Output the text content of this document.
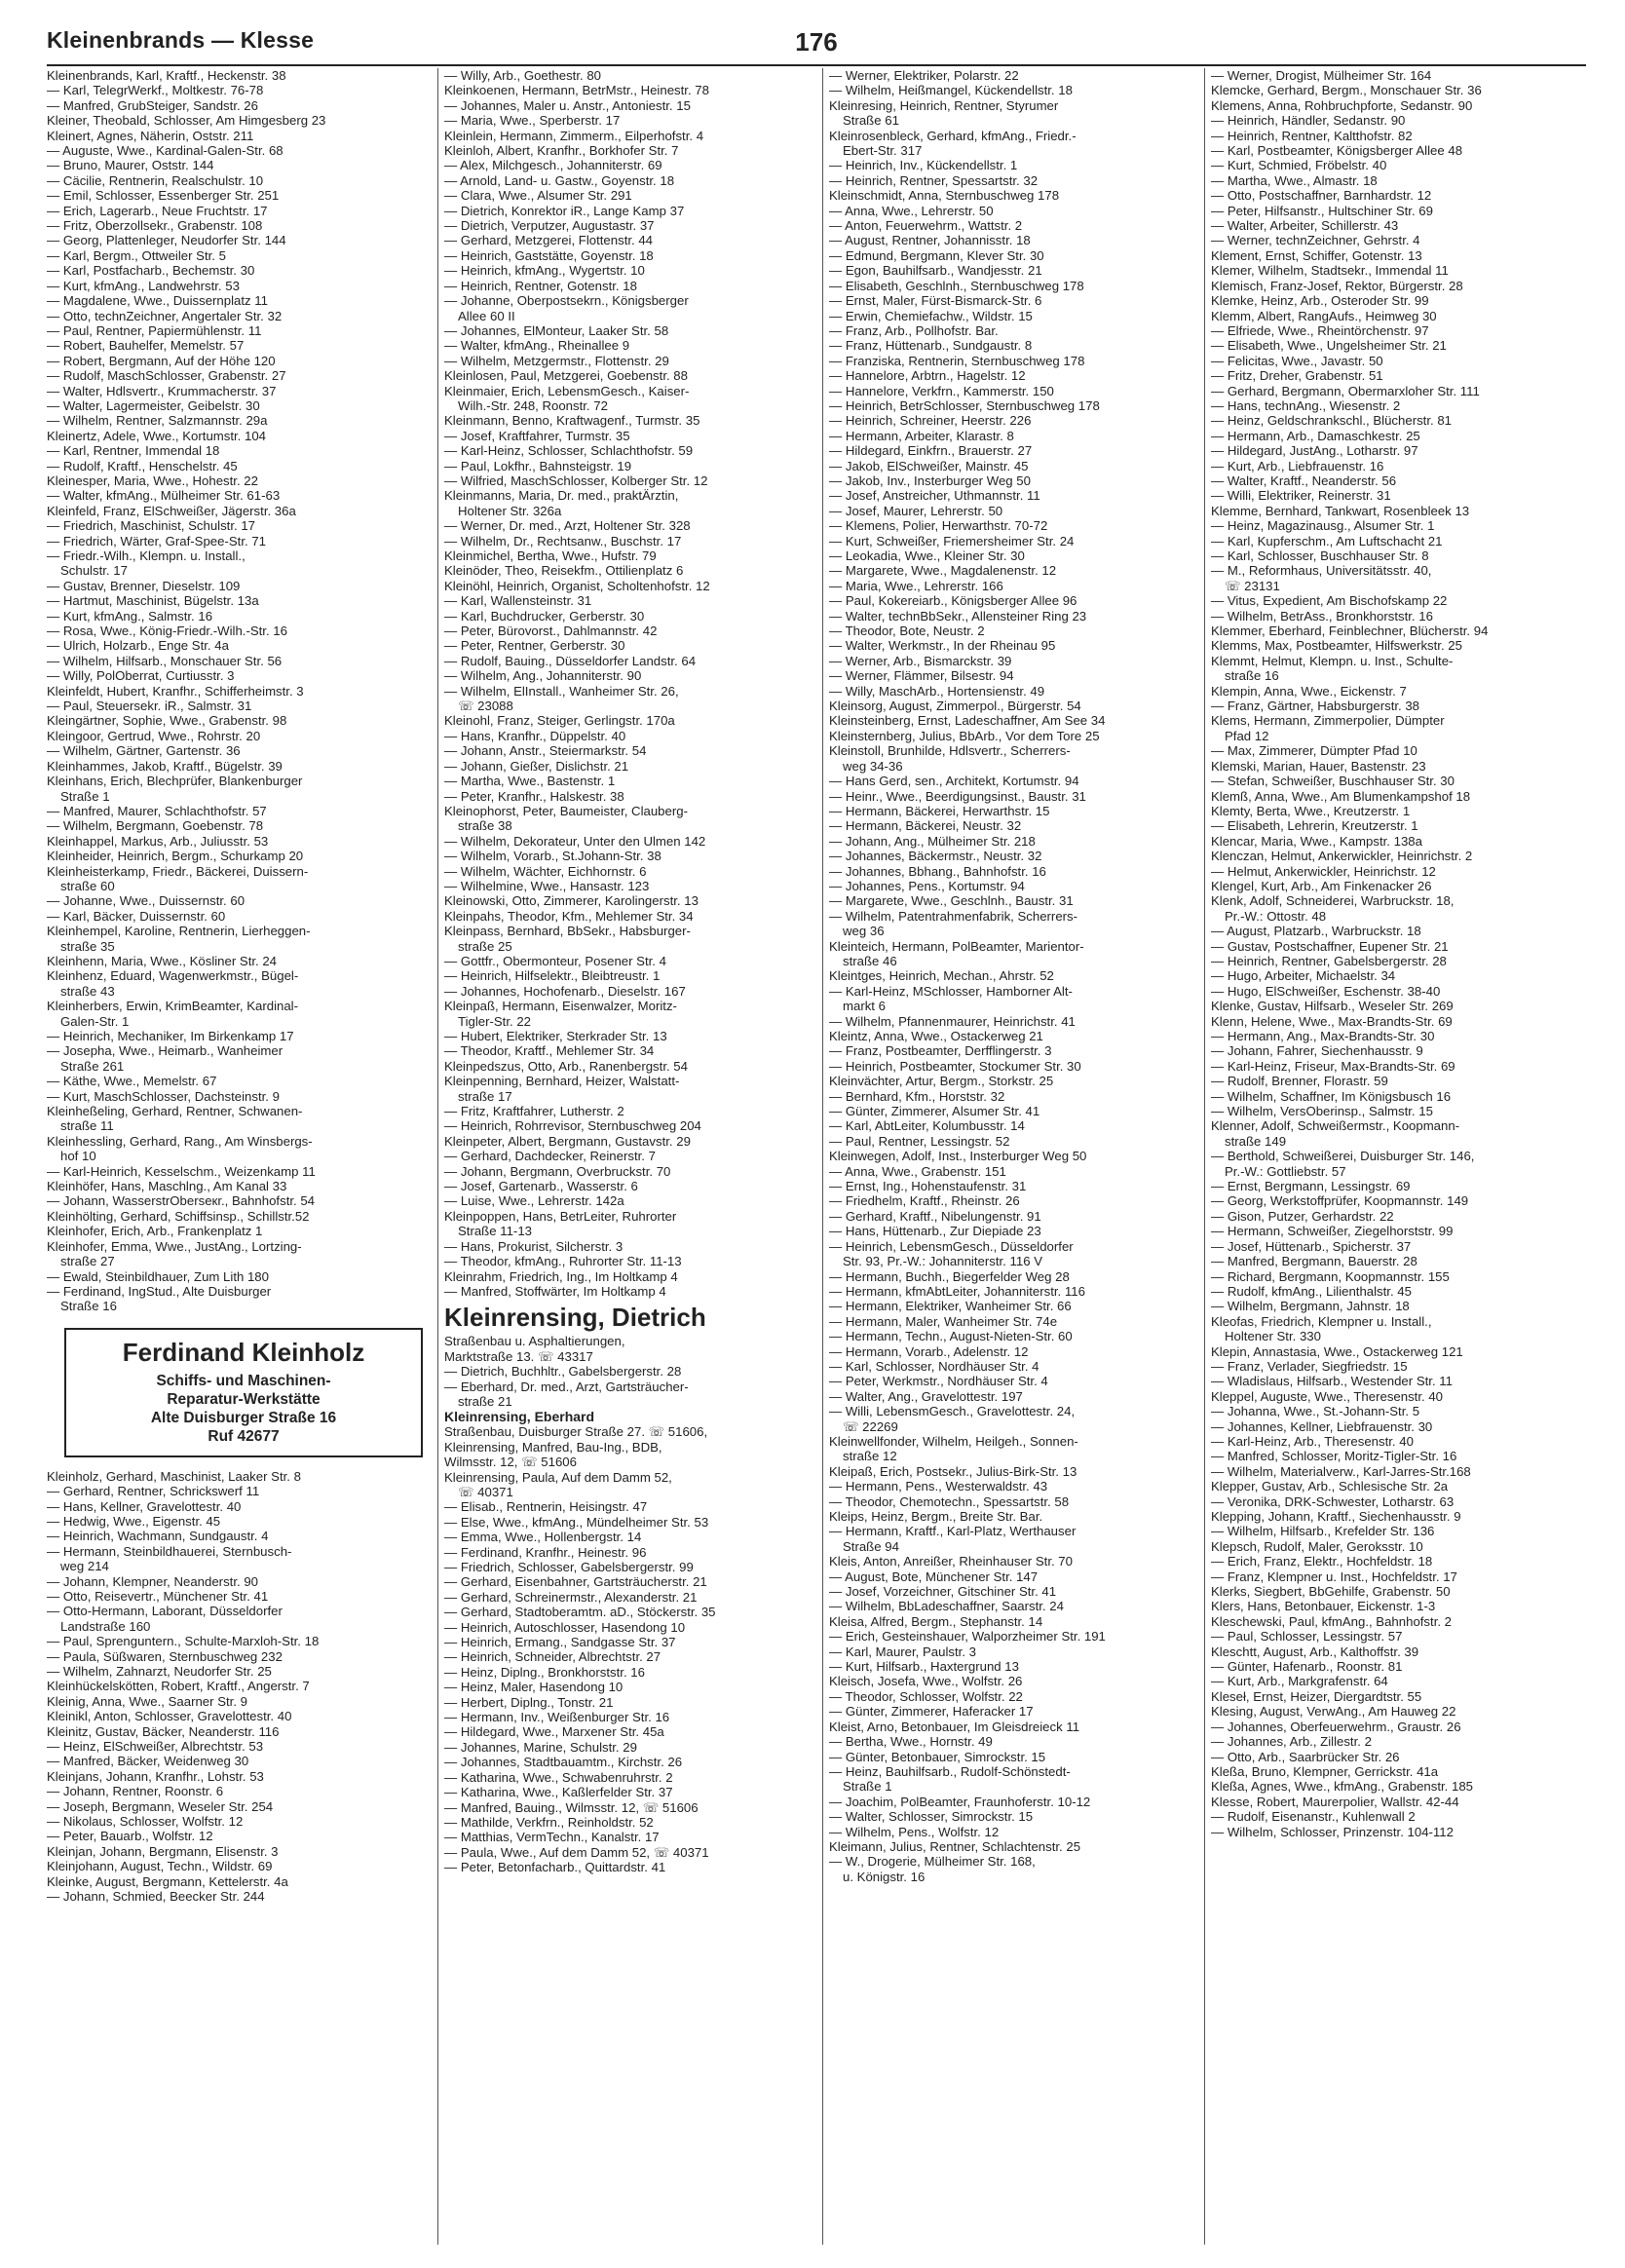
Kleinenbrands — Klesse	176
Kleinenbrands, Karl, Kraftf., Heckenstr. 38
— Karl, TelegrWerkf., Moltkestr. 76-78
— Manfred, GrubSteiger, Sandstr. 26
Kleiner, Theobald, Schlosser, Am Himgesberg 23
Kleinert, Agnes, Näherin, Oststr. 211
— Auguste, Wwe., Kardinal-Galen-Str. 68
— Bruno, Maurer, Oststr. 144
— Cäcilie, Rentnerin, Realschulstr. 10
— Emil, Schlosser, Essenberger Str. 251
— Erich, Lagerarb., Neue Fruchtstr. 17
— Fritz, Oberzollsekr., Grabenstr. 108
— Georg, Plattenleger, Neudorfer Str. 144
— Karl, Bergm., Ottweiler Str. 5
— Karl, Postfacharb., Bechemstr. 30
— Kurt, kfmAng., Landwehrstr. 53
— Magdalene, Wwe., Duissernplatz 11
— Otto, technZeichner, Angertaler Str. 32
— Paul, Rentner, Papiermühlenstr. 11
— Robert, Bauhelfer, Memelstr. 57
— Robert, Bergmann, Auf der Höhe 120
— Rudolf, MaschSchlosser, Grabenstr. 27
— Walter, Hdlsvertr., Krummacherstr. 37
— Walter, Lagermeister, Geibelstr. 30
— Wilhelm, Rentner, Salzmannstr. 29a
Kleinertz, Adele, Wwe., Kortumstr. 104
— Karl, Rentner, Immendal 18
— Rudolf, Kraftf., Henschelstr. 45
Kleinesper, Maria, Wwe., Hohestr. 22
— Walter, kfmAng., Mülheimer Str. 61-63
Kleinfeld, Franz, ElSchweißer, Jägerstr. 36a
— Friedrich, Maschinist, Schulstr. 17
— Friedrich, Wärter, Graf-Spee-Str. 71
— Friedr.-Wilh., Klempn. u. Install.,
Schulstr. 17
— Gustav, Brenner, Dieselstr. 109
— Hartmut, Maschinist, Bügelstr. 13a
— Kurt, kfmAng., Salmstr. 16
— Rosa, Wwe., König-Friedr.-Wilh.-Str. 16
— Ulrich, Holzarb., Enge Str. 4a
— Wilhelm, Hilfsarb., Monschauer Str. 56
— Willy, PolOberrat, Curtiusstr. 3
Kleinfeldt, Hubert, Kranfhr., Schifferheimstr. 3
— Paul, Steuersekr. iR., Salmstr. 31
Kleingärtner, Sophie, Wwe., Grabenstr. 98
Kleingoor, Gertrud, Wwe., Rohrstr. 20
— Wilhelm, Gärtner, Gartenstr. 36
Kleinhammes, Jakob, Kraftf., Bügelstr. 39
Kleinhans, Erich, Blechprüfer, Blankenburger
Straße 1
— Manfred, Maurer, Schlachthofstr. 57
— Wilhelm, Bergmann, Goebenstr. 78
Kleinhappel, Markus, Arb., Juliusstr. 53
Kleinheider, Heinrich, Bergm., Schurkamp 20
Kleinheisterkamp, Friedr., Bäckerei, Duissern-
straße 60
— Johanne, Wwe., Duissernstr. 60
— Karl, Bäcker, Duissernstr. 60
Kleinhempel, Karoline, Rentnerin, Lierheggen-
straße 35
Kleinhenn, Maria, Wwe., Kösliner Str. 24
Kleinhenz, Eduard, Wagenwerkmstr., Bügel-
straße 43
Kleinherbers, Erwin, KrimBeamter, Kardinal-
Galen-Str. 1
— Heinrich, Mechaniker, Im Birkenkamp 17
— Josepha, Wwe., Heimarb., Wanheimer
Straße 261
— Käthe, Wwe., Memelstr. 67
— Kurt, MaschSchlosser, Dachsteinstr. 9
Kleinheßeling, Gerhard, Rentner, Schwanen-
straße 11
Kleinhessling, Gerhard, Rang., Am Winsbergs-
hof 10
— Karl-Heinrich, Kesselschm., Weizenkamp 11
Kleinhöfer, Hans, Maschlng., Am Kanal 33
— Johann, WasserstrOberseкr., Bahnhofstr. 54
Kleinhölting, Gerhard, Schiffsinsp., Schillstr.52
Kleinhofer, Erich, Arb., Frankenplatz 1
Kleinhofer, Emma, Wwe., JustAng., Lortzing-
straße 27
— Ewald, Steinbildhauer, Zum Lith 180
— Ferdinand, IngStud., Alte Duisburger
Straße 16
Ferdinand Kleinholz
Schiffs- und Maschinen-
Reparatur-Werkstätte
Alte Duisburger Straße 16
Ruf 42677
Kleinholz, Gerhard, Maschinist, Laaker Str. 8
— Gerhard, Rentner, Schrickswerf 11
— Hans, Kellner, Gravelottestr. 40
— Hedwig, Wwe., Eigenstr. 45
— Heinrich, Wachmann, Sundgaustr. 4
— Hermann, Steinbildhauerei, Sternbusch-
weg 214
— Johann, Klempner, Neanderstr. 90
— Otto, Reisevertr., Münchener Str. 41
— Otto-Hermann, Laborant, Düsseldorfer
Landstraße 160
— Paul, Sprenguntern., Schulte-Marxloh-Str. 18
— Paula, Süßwaren, Sternbuschweg 232
— Wilhelm, Zahnarzt, Neudorfer Str. 25
Kleinhückelsköttеn, Robert, Kraftf., Angerstr. 7
Kleinig, Anna, Wwe., Saarner Str. 9
Kleinikl, Anton, Schlosser, Gravelottestr. 40
Kleinitz, Gustav, Bäcker, Neanderstr. 116
— Heinz, ElSchweißer, Albrechtstr. 53
— Manfred, Bäcker, Weidenweg 30
Kleinjans, Johann, Kranfhr., Lohstr. 53
— Johann, Rentner, Roonstr. 6
— Joseph, Bergmann, Weseler Str. 254
— Nikolaus, Schlosser, Wolfstr. 12
— Peter, Bauarb., Wolfstr. 12
Kleinjan, Johann, Bergmann, Elisenstr. 3
Kleinjohann, August, Techn., Wildstr. 69
Kleinke, August, Bergmann, Kettelerstr. 4a
— Johann, Schmied, Beecker Str. 244
— Willy, Arb., Goethestr. 80
Kleinkoenen, Hermann, BetrMstr., Heinestr. 78
— Johannes, Maler u. Anstr., Antoniestr. 15
— Maria, Wwe., Sperberstr. 17
Kleinlein, Hermann, Zimmerm., Eilperhofstr. 4
Kleinloh, Albert, Kranfhr., Borkhofer Str. 7
— Alex, Milchgesch., Johanniterstr. 69
— Arnold, Land- u. Gastw., Goyenstr. 18
— Clara, Wwe., Alsumer Str. 291
— Dietrich, Konrektor iR., Lange Kamp 37
— Dietrich, Verputzer, Augustastr. 37
— Gerhard, Metzgerei, Flottenstr. 44
— Heinrich, Gaststätte, Goyenstr. 18
— Heinrich, kfmAng., Wygertstr. 10
— Heinrich, Rentner, Gotenstr. 18
— Johanne, Oberpostsekrn., Königsberger
Allee 60 II
— Johannes, ElMonteur, Laaker Str. 58
— Walter, kfmAng., Rheinallee 9
— Wilhelm, Metzgermstr., Flottenstr. 29
Kleinlosen, Paul, Metzgerei, Goebenstr. 88
Kleinmaier, Erich, LebensmGesch., Kaiser-
Wilh.-Str. 248, Roonstr. 72
Kleinmann, Benno, Kraftwagenf., Turmstr. 35
— Josef, Kraftfahrer, Turmstr. 35
— Karl-Heinz, Schlosser, Schlachthofstr. 59
— Paul, Lokfhr., Bahnsteigstr. 19
— Wilfried, MaschSchlosser, Kolberger Str. 12
Kleinmanns, Maria, Dr. med., praktÄrztin,
Holtener Str. 326a
— Werner, Dr. med., Arzt, Holtener Str. 328
— Wilhelm, Dr., Rechtsanw., Buschstr. 17
Kleinmichel, Bertha, Wwe., Hufstr. 79
Kleinöder, Theo, Reisekfm., Ottilienplatz 6
Kleinöhl, Heinrich, Organist, Scholtenhofstr. 12
— Karl, Wallensteinstr. 31
— Karl, Buchdrucker, Gerberstr. 30
— Peter, Bürovorst., Dahlmannstr. 42
— Peter, Rentner, Gerberstr. 30
— Rudolf, Bauing., Düsseldorfer Landstr. 64
— Wilhelm, Ang., Johanniterstr. 90
— Wilhelm, ElInstall., Wanheimer Str. 26,
☏ 23088
Kleinohl, Franz, Steiger, Gerlingstr. 170a
— Hans, Kranfhr., Düppelstr. 40
— Johann, Anstr., Steiermarkstr. 54
— Johann, Gießer, Dislichstr. 21
— Martha, Wwe., Bastenstr. 1
— Peter, Kranfhr., Halskestr. 38
Kleinophorst, Peter, Baumeister, Clauberg-
straße 38
— Wilhelm, Dekorateur, Unter den Ulmen 142
— Wilhelm, Vorarb., St.Johann-Str. 38
— Wilhelm, Wächter, Eichhornstr. 6
— Wilhelmine, Wwe., Hansastr. 123
Kleinowski, Otto, Zimmerer, Karolingerstr. 13
Kleinpahs, Theodor, Kfm., Mehlemer Str. 34
Kleinpass, Bernhard, BbSekr., Habsburger-
straße 25
— Gottfr., Obermonteur, Posener Str. 4
— Heinrich, Hilfselektr., Bleibtreustr. 1
— Johannes, Hochofenarb., Dieselstr. 167
Kleinpaß, Hermann, Eisenwalzer, Moritz-
Tigler-Str. 22
— Hubert, Elektriker, Sterkrader Str. 13
— Theodor, Kraftf., Mehlemer Str. 34
Kleinpedszus, Otto, Arb., Ranenbergstr. 54
Kleinpenning, Bernhard, Heizer, Walstatt-
straße 17
— Fritz, Kraftfahrer, Lutherstr. 2
— Heinrich, Rohrrevisor, Sternbuschweg 204
Kleinpeter, Albert, Bergmann, Gustavstr. 29
— Gerhard, Dachdecker, Reinerstr. 7
— Johann, Bergmann, Overbruckstr. 70
— Josef, Gartenarb., Wasserstr. 6
— Luise, Wwe., Lehrerstr. 142a
Kleinpoppen, Hans, BetrLeiter, Ruhrorter
Straße 11-13
— Hans, Prokurist, Silcherstr. 3
— Theodor, kfmAng., Ruhrorter Str. 11-13
Kleinrahm, Friedrich, Ing., Im Holtkamp 4
— Manfred, Stoffwärter, Im Holtkamp 4
Kleinrensing, Dietrich
Straßenbau u. Asphaltierungen,
Marktstraße 13. ☏ 43317
— Dietrich, Buchhltr., Gabelsbergerstr. 28
— Eberhard, Dr. med., Arzt, Gartsträucher-
straße 21
Kleinrensing, Eberhard
Straßenbau, Duisburger Straße 27. ☏ 51606,
Kleinrensing, Manfred, Bau-Ing., BDB,
Wilmsstr. 12, ☏ 51606
Kleinrensing, Paula, Auf dem Damm 52,
☏ 40371
— Elisab., Rentnerin, Heisingstr. 47
— Else, Wwe., kfmAng., Mündelheimer Str. 53
— Emma, Wwe., Hollenbergstr. 14
— Ferdinand, Kranfhr., Heinestr. 96
— Friedrich, Schlosser, Gabelsbergerstr. 99
— Gerhard, Eisenbahner, Gartsträucherstr. 21
— Gerhard, Schreinermstr., Alexanderstr. 21
— Gerhard, Stadtoberamtm. aD., Stöckerstr. 35
— Heinrich, Autoschlosser, Hasendong 10
— Heinrich, Ermang., Sandgasse Str. 37
— Heinrich, Schneider, Albrechtstr. 27
— Heinz, Diplng., Bronkhorststr. 16
— Heinz, Maler, Hasendong 10
— Herbert, Diplng., Tonstr. 21
— Hermann, Inv., Weißenburger Str. 16
— Hildegard, Wwe., Marxener Str. 45a
— Johannes, Marine, Schulstr. 29
— Johannes, Stadtbauamtm., Kirchstr. 26
— Katharina, Wwe., Schwabenruhrstr. 2
— Katharina, Wwe., Kaßlerfelder Str. 37
— Manfred, Bauing., Wilmsstr. 12, ☏ 51606
— Mathilde, Verkfrn., Reinholdstr. 52
— Matthias, VermTechn., Kanalstr. 17
— Paula, Wwe., Auf dem Damm 52, ☏ 40371
— Peter, Betonfacharb., Quittardstr. 41
— Werner, Elektriker, Polarstr. 22
— Wilhelm, Heißmangel, Kückendellstr. 18
Kleinresing, Heinrich, Rentner, Styrumer
Straße 61
Kleinrosenbleck, Gerhard, kfmAng., Friedr.-
Ebert-Str. 317
— Heinrich, Inv., Kückendellstr. 1
— Heinrich, Rentner, Spessartstr. 32
Kleinschmidt, Anna, Sternbuschweg 178
— Anna, Wwe., Lehrerstr. 50
— Anton, Feuerwehrm., Wattstr. 2
— August, Rentner, Johannisstr. 18
— Edmund, Bergmann, Klever Str. 30
— Egon, Bauhilfsarb., Wandjesstr. 21
— Elisabeth, Geschlnh., Sternbuschweg 178
— Ernst, Maler, Fürst-Bismarck-Str. 6
— Erwin, Chemiefachw., Wildstr. 15
— Franz, Arb., Pollhofstr. Bar.
— Franz, Hüttenarb., Sundgaustr. 8
— Franziska, Rentnerin, Sternbuschweg 178
— Hannelore, Arbtrn., Hagelstr. 12
— Hannelore, Verkfrn., Kammerstr. 150
— Heinrich, BetrSchlosser, Sternbuschweg 178
— Heinrich, Schreiner, Heerstr. 226
— Hermann, Arbeiter, Klarastr. 8
— Hildegard, Einkfrn., Brauerstr. 27
— Jakob, ElSchweißer, Mainstr. 45
— Jakob, Inv., Insterburger Weg 50
— Josef, Anstreicher, Uthmannstr. 11
— Josef, Maurer, Lehrerstr. 50
— Klemens, Polier, Herwarthstr. 70-72
— Kurt, Schweißer, Friemersheimer Str. 24
— Leokadia, Wwe., Kleiner Str. 30
— Margarete, Wwe., Magdalenenstr. 12
— Maria, Wwe., Lehrerstr. 166
— Paul, Kokereiarb., Königsberger Allee 96
— Walter, technBbSekr., Allensteiner Ring 23
— Theodor, Bote, Neustr. 2
— Walter, Werkmstr., In der Rheinau 95
— Werner, Arb., Bismarckstr. 39
— Werner, Flämmer, Bilsestr. 94
— Willy, MaschArb., Hortensienstr. 49
Kleinsorg, August, Zimmerpol., Bürgerstr. 54
Kleinsteinberg, Ernst, Ladeschaffner, Am See 34
Kleinsternberg, Julius, BbArb., Vor dem Tore 25
Kleinstoll, Brunhilde, Hdlsvertr., Scherrers-
weg 34-36
— Hans Gerd, sen., Architekt, Kortumstr. 94
— Heinr., Wwe., Beerdigungsinst., Baustr. 31
— Hermann, Bäckerei, Herwarthstr. 15
— Hermann, Bäckerei, Neustr. 32
— Johann, Ang., Mülheimer Str. 218
— Johannes, Bäckermstr., Neustr. 32
— Johannes, Bbhang., Bahnhofstr. 16
— Johannes, Pens., Kortumstr. 94
— Margarete, Wwe., Geschlnh., Baustr. 31
— Wilhelm, Patentrahmenfabrik, Scherrers-
weg 36
Kleinteich, Hermann, PolBeamter, Marientor-
straße 46
Kleintges, Heinrich, Mechan., Ahrstr. 52
— Karl-Heinz, MSchlosser, Hamborner Alt-
markt 6
— Wilhelm, Pfannenmaurer, Heinrichstr. 41
Kleintz, Anna, Wwe., Ostackerweg 21
— Franz, Postbeamter, Derfflingerstr. 3
— Heinrich, Postbeamter, Stockumer Str. 30
Kleinvächter, Artur, Bergm., Storkstr. 25
— Bernhard, Kfm., Horststr. 32
— Günter, Zimmerer, Alsumer Str. 41
— Karl, AbtLeiter, Kolumbusstr. 14
— Paul, Rentner, Lessingstr. 52
Kleinwegen, Adolf, Inst., Insterburger Weg 50
— Anna, Wwe., Grabenstr. 151
— Ernst, Ing., Hohenstaufenstr. 31
— Friedhelm, Kraftf., Rheinstr. 26
— Gerhard, Kraftf., Nibelungenstr. 91
— Hans, Hüttenarb., Zur Diepiade 23
— Heinrich, LebensmGesch., Düsseldorfer
Str. 93, Pr.-W.: Johanniterstr. 116 V
— Hermann, Buchh., Biegerfelder Weg 28
— Hermann, kfmAbtLeiter, Johanniterstr. 116
— Hermann, Elektriker, Wanheimer Str. 66
— Hermann, Maler, Wanheimer Str. 74e
— Hermann, Techn., August-Nieten-Str. 60
— Hermann, Vorarb., Adelenstr. 12
— Karl, Schlosser, Nordhäuser Str. 4
— Peter, Werkmstr., Nordhäuser Str. 4
— Walter, Ang., Gravelottestr. 197
— Willi, LebensmGesch., Gravelottestr. 24,
☏ 22269
Kleinwellfonder, Wilhelm, Heilgeh., Sonnen-
straße 12
Kleipaß, Erich, Postsekr., Julius-Birk-Str. 13
— Hermann, Pens., Westerwaldstr. 43
— Theodor, Chemotechn., Spessartstr. 58
Kleips, Heinz, Bergm., Breite Str. Bar.
— Hermann, Kraftf., Karl-Platz, Werthauser
Straße 94
Kleis, Anton, Anreißer, Rheinhauser Str. 70
— August, Bote, Münchener Str. 147
— Josef, Vorzeichner, Gitschiner Str. 41
— Wilhelm, BbLadeschaffner, Saarstr. 24
Kleisa, Alfred, Bergm., Stephanstr. 14
— Erich, Gesteinshauer, Walporzheimer Str. 191
— Karl, Maurer, Paulstr. 3
— Kurt, Hilfsarb., Haxtergrund 13
Kleisch, Josefa, Wwe., Wolfstr. 26
— Theodor, Schlosser, Wolfstr. 22
— Günter, Zimmerer, Haferacker 17
Kleist, Arno, Betonbauer, Im Gleisdreieck 11
— Bertha, Wwe., Hornstr. 49
— Günter, Betonbauer, Simrockstr. 15
— Heinz, Bauhilfsarb., Rudolf-Schönstedt-
Straße 1
— Joachim, PolBeamter, Fraunhoferstr. 10-12
— Walter, Schlosser, Simrockstr. 15
— Wilhelm, Pens., Wolfstr. 12
Kleimann, Julius, Rentner, Schlachtenstr. 25
— W., Drogerie, Mülheimer Str. 168,
u. Königstr. 16
— Werner, Drogist, Mülheimer Str. 164
Klemcke, Gerhard, Bergm., Monschauer Str. 36
Klemens, Anna, Rohbruchpforte, Sedanstr. 90
— Heinrich, Händler, Sedanstr. 90
— Heinrich, Rentner, Kaltthofstr. 82
— Karl, Postbeamter, Königsberger Allee 48
— Kurt, Schmied, Fröbelstr. 40
— Martha, Wwe., Almastr. 18
— Otto, Postschaffner, Barnhardstr. 12
— Peter, Hilfsanstr., Hultschiner Str. 69
— Walter, Arbeiter, Schillerstr. 43
— Werner, technZeichner, Gehrstr. 4
Klement, Ernst, Schiffer, Gotenstr. 13
Klemer, Wilhelm, Stadtsekr., Immendal 11
Klemisch, Franz-Josef, Rektor, Bürgerstr. 28
Klemke, Heinz, Arb., Osteroder Str. 99
Klemm, Albert, RangAufs., Heimweg 30
— Elfriede, Wwe., Rheintörchenstr. 97
— Elisabeth, Wwe., Ungelsheimer Str. 21
— Felicitas, Wwe., Javastr. 50
— Fritz, Dreher, Grabenstr. 51
— Gerhard, Bergmann, Obermarxloher Str. 111
— Hans, technAng., Wiesenstr. 2
— Heinz, Geldschrankschl., Blücherstr. 81
— Hermann, Arb., Damaschkestr. 25
— Hildegard, JustAng., Lotharstr. 97
— Kurt, Arb., Liebfrauenstr. 16
— Walter, Kraftf., Neanderstr. 56
— Willi, Elektriker, Reinerstr. 31
Klemme, Bernhard, Tankwart, Rosenbleek 13
— Heinz, Magazinausg., Alsumer Str. 1
— Karl, Kupferschm., Am Luftschacht 21
— Karl, Schlosser, Buschhauser Str. 8
— M., Reformhaus, Universitätsstr. 40,
☏ 23131
— Vitus, Expedient, Am Bischofskamp 22
— Wilhelm, BetrAss., Bronkhorststr. 16
Klemmer, Eberhard, Feinblechner, Blücherstr. 94
Klemms, Max, Postbeamter, Hilfswerkstr. 25
Klemmt, Helmut, Klempn. u. Inst., Schulte-
straße 16
Klempin, Anna, Wwe., Eickenstr. 7
— Franz, Gärtner, Habsburgerstr. 38
Klems, Hermann, Zimmerpolier, Dümpter
Pfad 12
— Max, Zimmerer, Dümpter Pfad 10
Klemski, Marian, Hauer, Bastenstr. 23
— Stefan, Schweißer, Buschhauser Str. 30
Klemß, Anna, Wwe., Am Blumenkampshof 18
Klemty, Berta, Wwe., Kreutzerstr. 1
— Elisabeth, Lehrerin, Kreutzerstr. 1
Klencar, Maria, Wwe., Kampstr. 138a
Klenczan, Helmut, Ankerwickler, Heinrichstr. 2
— Helmut, Ankerwickler, Heinrichstr. 12
Klengel, Kurt, Arb., Am Finkenacker 26
Klenk, Adolf, Schneiderei, Warbruckstr. 18,
Pr.-W.: Ottostr. 48
— August, Platzarb., Warbruckstr. 18
— Gustav, Postschaffner, Eupener Str. 21
— Heinrich, Rentner, Gabelsbergerstr. 28
— Hugo, Arbeiter, Michaelstr. 34
— Hugo, ElSchweißer, Eschenstr. 38-40
Klenke, Gustav, Hilfsarb., Weseler Str. 269
Klenn, Helene, Wwe., Max-Brandts-Str. 69
— Hermann, Ang., Max-Brandts-Str. 30
— Johann, Fahrer, Siechenhausstr. 9
— Karl-Heinz, Friseur, Max-Brandts-Str. 69
— Rudolf, Brenner, Florastr. 59
— Wilhelm, Schaffner, Im Königsbusch 16
— Wilhelm, VersOberinsp., Salmstr. 15
Klenner, Adolf, Schweißermstr., Koopmann-
straße 149
— Berthold, Schweißerei, Duisburger Str. 146,
Pr.-W.: Gottliebstr. 57
— Ernst, Bergmann, Lessingstr. 69
— Georg, Werkstoffprüfer, Koopmannstr. 149
— Gison, Putzer, Gerhardstr. 22
— Hermann, Schweißer, Ziegelhorststr. 99
— Josef, Hüttenarb., Spicherstr. 37
— Manfred, Bergmann, Bauerstr. 28
— Richard, Bergmann, Koopmannstr. 155
— Rudolf, kfmAng., Lilienthalstr. 45
— Wilhelm, Bergmann, Jahnstr. 18
Kleofas, Friedrich, Klempner u. Install.,
Holtener Str. 330
Klepin, Annastasia, Wwe., Ostackerweg 121
— Franz, Verlader, Siegfriedstr. 15
— Wladislaus, Hilfsarb., Westender Str. 11
Kleppel, Auguste, Wwe., Theresenstr. 40
— Johanna, Wwe., St.-Johann-Str. 5
— Johannes, Kellner, Liebfrauenstr. 30
— Karl-Heinz, Arb., Theresenstr. 40
— Manfred, Schlosser, Moritz-Tigler-Str. 16
— Wilhelm, Materialverw., Karl-Jarres-Str.168
Klepper, Gustav, Arb., Schlesische Str. 2a
— Veronika, DRK-Schwester, Lotharstr. 63
Klepping, Johann, Kraftf., Siechenhausstr. 9
— Wilhelm, Hilfsarb., Krefelder Str. 136
Klepsch, Rudolf, Maler, Geroksstr. 10
— Erich, Franz, Elektr., Hochfeldstr. 18
— Franz, Klempner u. Inst., Hochfeldstr. 17
Klerks, Siegbert, BbGehilfe, Grabenstr. 50
Klers, Hans, Betonbauer, Eickenstr. 1-3
Kleschewski, Paul, kfmAng., Bahnhofstr. 2
— Paul, Schlosser, Lessingstr. 57
Kleschtt, August, Arb., Kalthoffstr. 39
— Günter, Hafenarb., Roonstr. 81
— Kurt, Arb., Markgrafenstr. 64
Kleseł, Ernst, Heizer, Diergardtstr. 55
Klesing, August, VerwAng., Am Hauweg 22
— Johannes, Oberfeuerwehrm., Graustr. 26
— Johannes, Arb., Zillestr. 2
— Otto, Arb., Saarbrücker Str. 26
Kleßa, Bruno, Klempner, Gerrickstr. 41a
Kleßa, Agnes, Wwe., kfmAng., Grabenstr. 185
Klesse, Robert, Maurerpolier, Wallstr. 42-44
— Rudolf, Eisenanstr., Kuhlenwall 2
— Wilhelm, Schlosser, Prinzenstr. 104-112
